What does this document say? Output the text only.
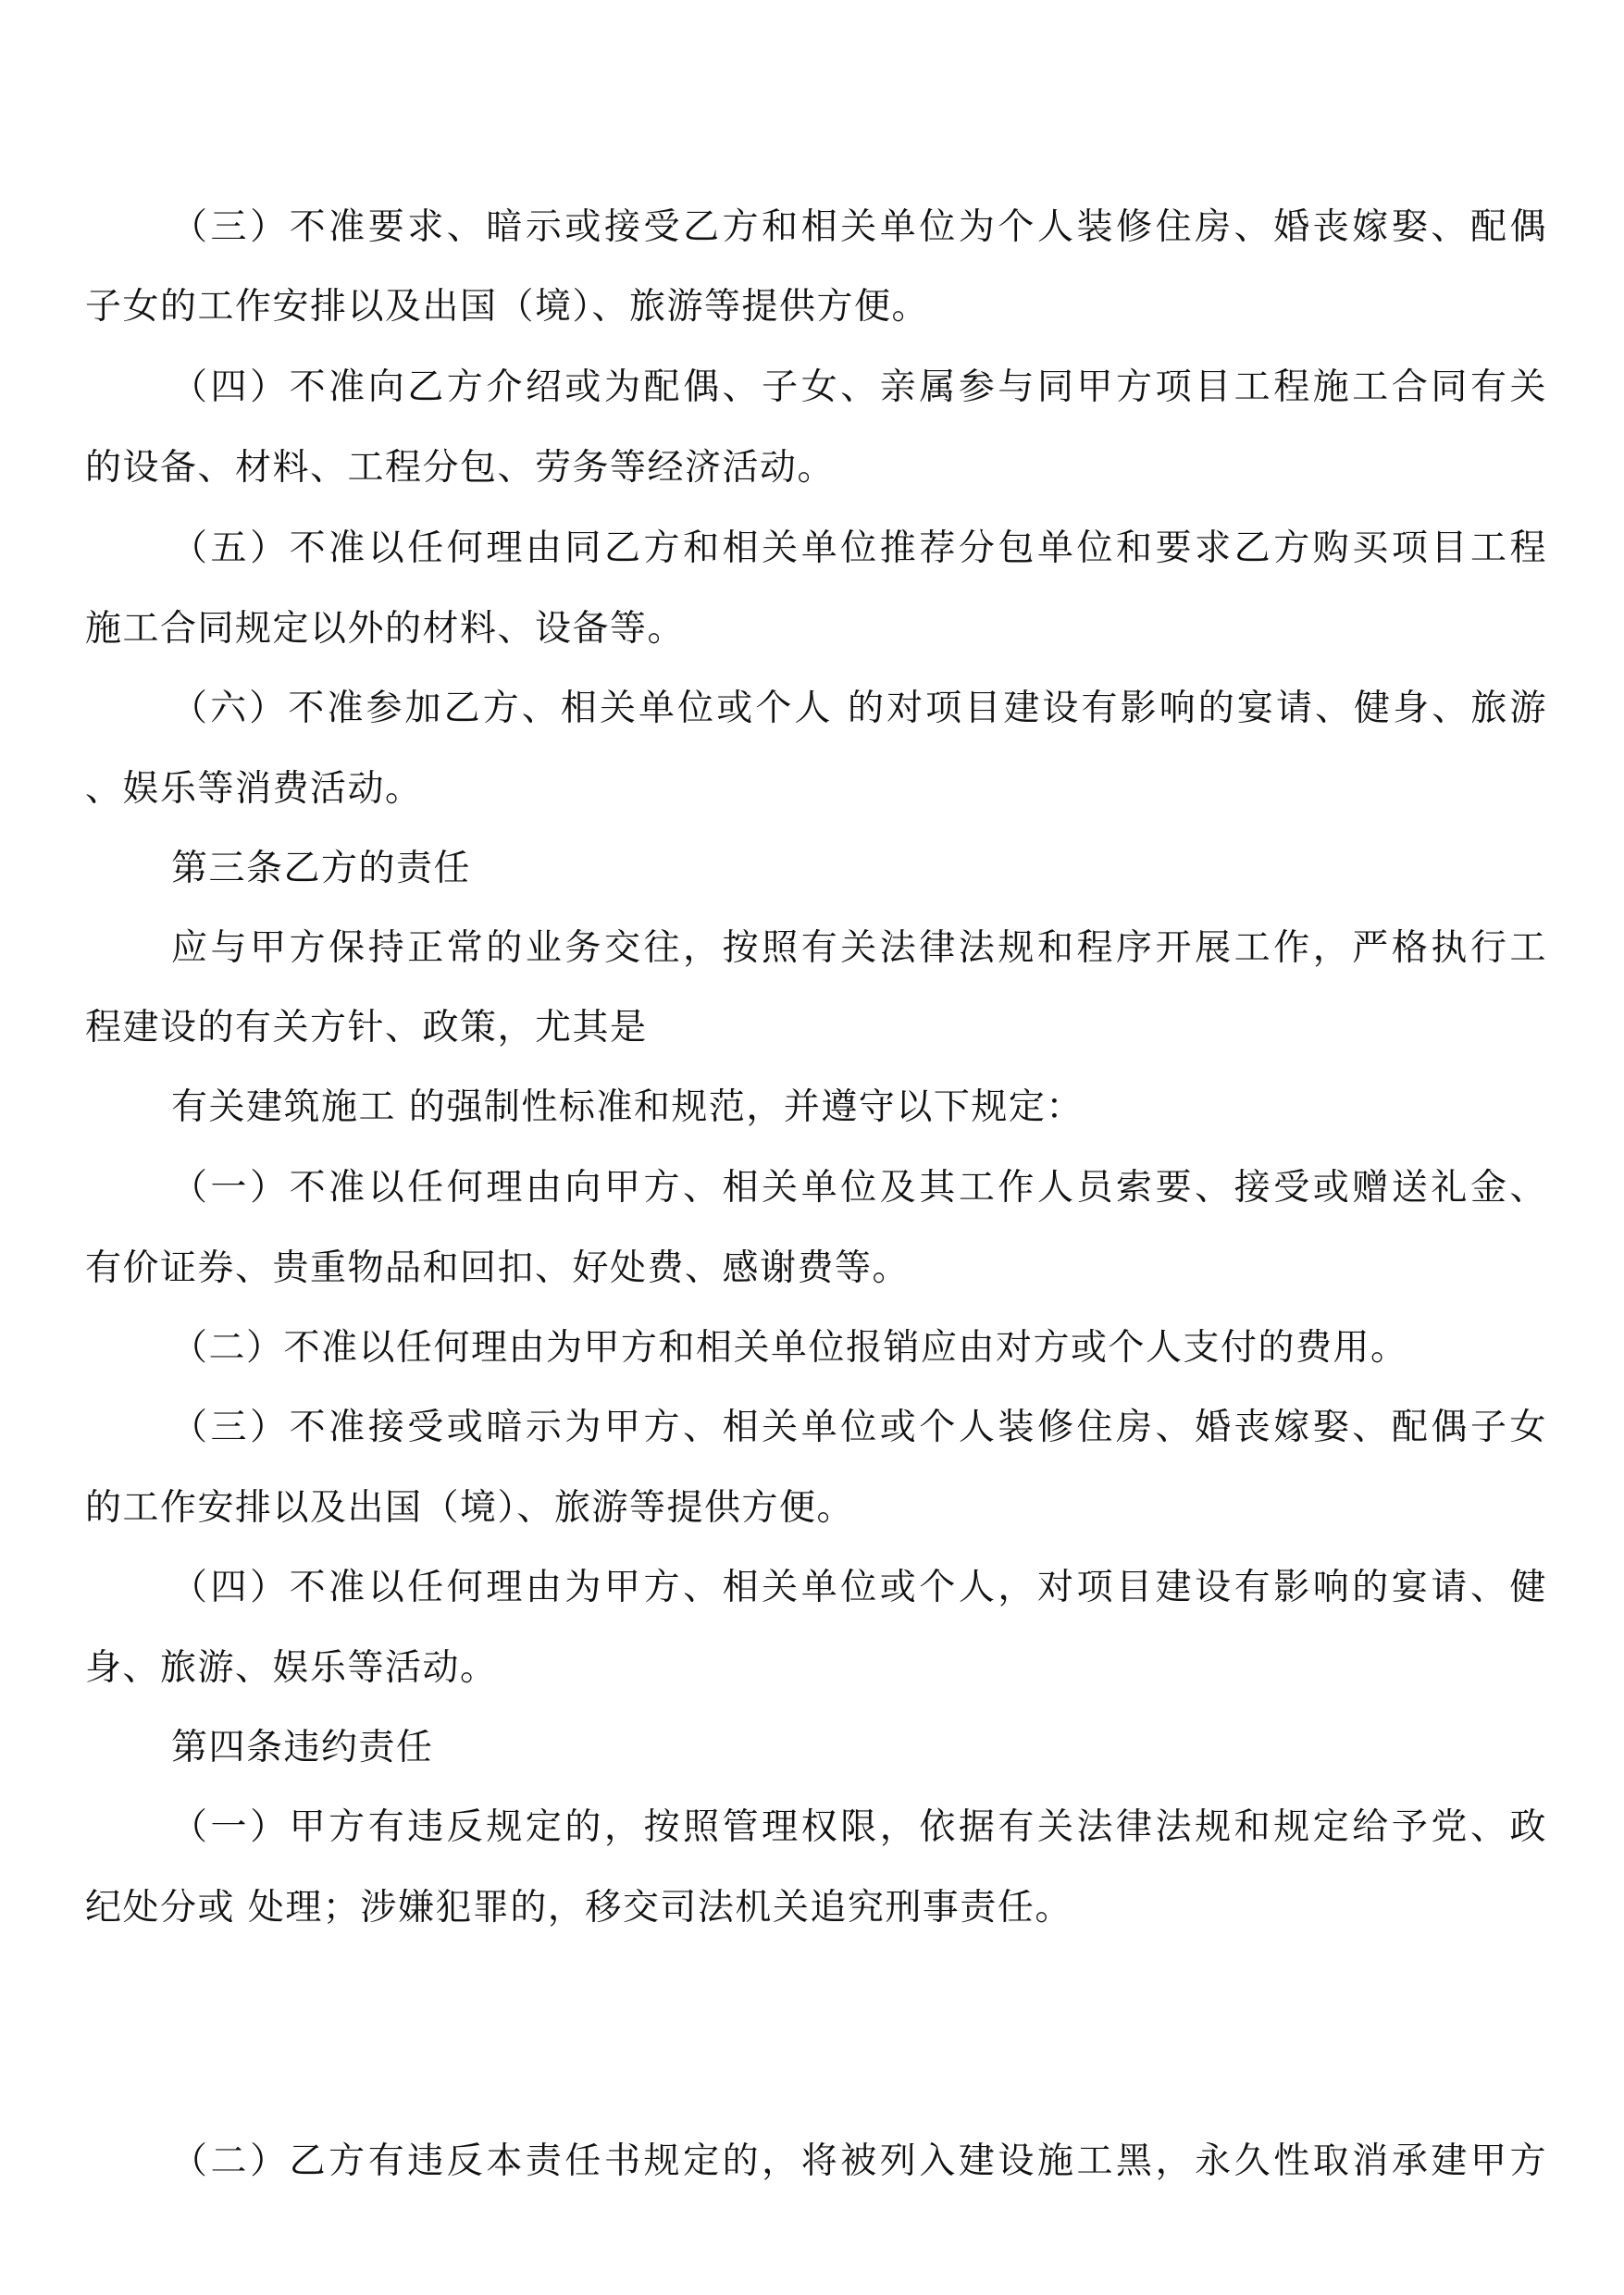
（三）不准要求、暗示或接受乙方和相关单位为个人装修住房、婚丧嫁娶、配偶
子女的工作安排以及出国（境）、旅游等提供方便。
（四）不准向乙方介绍或为配偶、子女、亲属参与同甲方项目工程施工合同有关
的设备、材料、工程分包、劳务等经济活动。
（五）不准以任何理由同乙方和相关单位推荐分包单位和要求乙方购买项目工程
施工合同规定以外的材料、设备等。
（六）不准参加乙方、相关单位或个人 的对项目建设有影响的宴请、健身、旅游
、娱乐等消费活动。
第三条乙方的责任
应与甲方保持正常的业务交往，按照有关法律法规和程序开展工作，严格执行工
程建设的有关方针、政策，尤其是
有关建筑施工 的强制性标准和规范，并遵守以下规定：
（一）不准以任何理由向甲方、相关单位及其工作人员索要、接受或赠送礼金、
有价证券、贵重物品和回扣、好处费、感谢费等。
（二）不准以任何理由为甲方和相关单位报销应由对方或个人支付的费用。
（三）不准接受或暗示为甲方、相关单位或个人装修住房、婚丧嫁娶、配偶子女
的工作安排以及出国（境）、旅游等提供方便。
（四）不准以任何理由为甲方、相关单位或个人，对项目建设有影响的宴请、健
身、旅游、娱乐等活动。
第四条违约责任
（一）甲方有违反规定的，按照管理权限，依据有关法律法规和规定给予党、政
纪处分或 处理；涉嫌犯罪的，移交司法机关追究刑事责任。
（二）乙方有违反本责任书规定的，将被列入建设施工黑，永久性取消承建甲方
